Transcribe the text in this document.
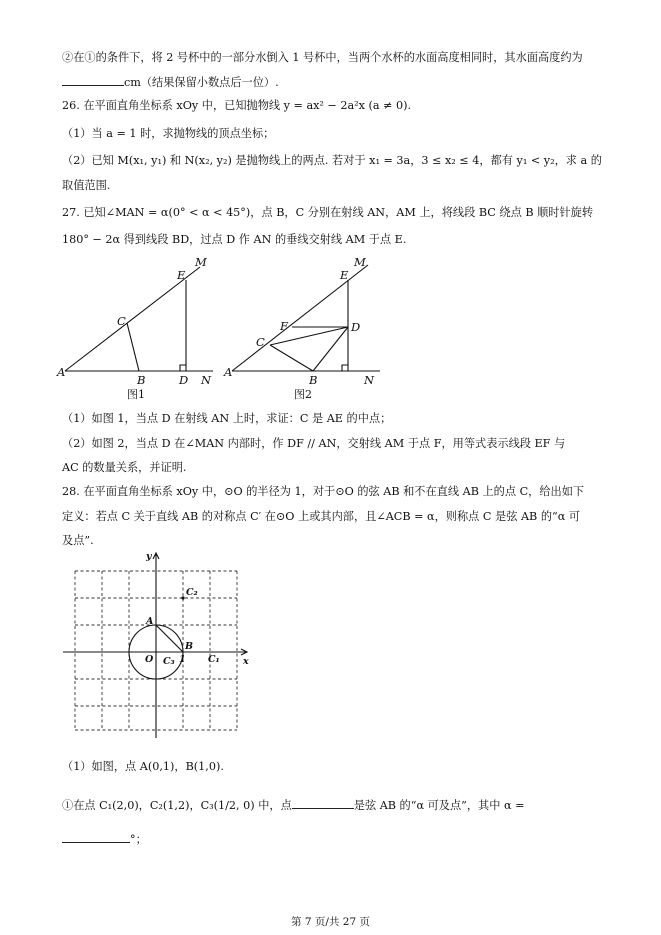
②在①的条件下，将 2 号杯中的一部分水倒入 1 号杯中，当两个水杯的水面高度相同时，其水面高度约为
cm（结果保留小数点后一位）.
26. 在平面直角坐标系 xOy 中，已知抛物线 y = ax² − 2a²x (a ≠ 0).
（1）当 a = 1 时，求抛物线的顶点坐标；
（2）已知 M(x₁, y₁) 和 N(x₂, y₂) 是抛物线上的两点. 若对于 x₁ = 3a，3 ≤ x₂ ≤ 4，都有 y₁ < y₂，求 a 的
取值范围.
27. 已知∠MAN = α(0° < α < 45°)，点 B，C 分别在射线 AN，AM 上，将线段 BC 绕点 B 顺时针旋转
180° − 2α 得到线段 BD，过点 D 作 AN 的垂线交射线 AM 于点 E.
M
E
C
A
B	D N
图1
M
E
F	D
C
A
B	N
图2
（1）如图 1，当点 D 在射线 AN 上时，求证：C 是 AE 的中点；
（2）如图 2，当点 D 在∠MAN 内部时，作 DF // AN，交射线 AM 于点 F，用等式表示线段 EF 与
AC 的数量关系，并证明.
28. 在平面直角坐标系 xOy 中，⊙O 的半径为 1，对于⊙O 的弦 AB 和不在直线 AB 上的点 C，给出如下
定义：若点 C 关于直线 AB 的对称点 C′ 在⊙O 上或其内部，且∠ACB = α，则称点 C 是弦 AB 的“α 可
及点”.
y
x
A
B
O C₃ 1 C₁
C₂
（1）如图，点 A(0,1)，B(1,0).
①在点 C₁(2,0)，C₂(1,2)，C₃(1/2, 0) 中，点	是弦 AB 的“α 可及点”，其中 α =
°；
第 7 页/共 27 页
